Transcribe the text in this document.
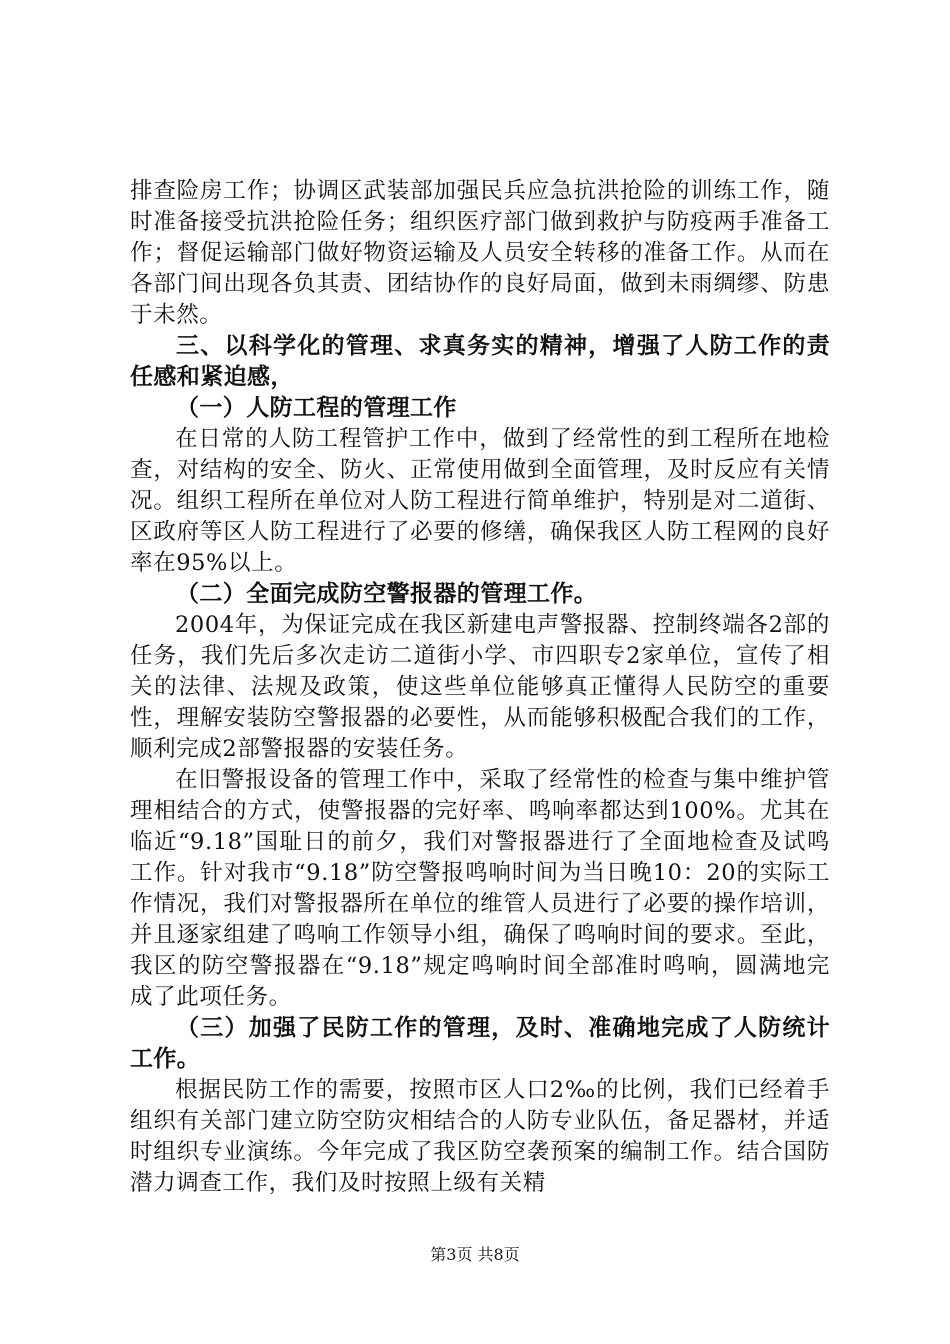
排查险房工作；协调区武装部加强民兵应急抗洪抢险的训练工作，随时准备接受抗洪抢险任务；组织医疗部门做到救护与防疫两手准备工作；督促运输部门做好物资运输及人员安全转移的准备工作。从而在各部门间出现各负其责、团结协作的良好局面，做到未雨绸缪、防患于未然。

三、以科学化的管理、求真务实的精神，增强了人防工作的责任感和紧迫感，

（一）人防工程的管理工作

在日常的人防工程管护工作中，做到了经常性的到工程所在地检查，对结构的安全、防火、正常使用做到全面管理，及时反应有关情况。组织工程所在单位对人防工程进行简单维护，特别是对二道街、区政府等区人防工程进行了必要的修缮，确保我区人防工程网的良好率在95%以上。

（二）全面完成防空警报器的管理工作。

2004年，为保证完成在我区新建电声警报器、控制终端各2部的任务，我们先后多次走访二道街小学、市四职专2家单位，宣传了相关的法律、法规及政策，使这些单位能够真正懂得人民防空的重要性，理解安装防空警报器的必要性，从而能够积极配合我们的工作，顺利完成2部警报器的安装任务。

在旧警报设备的管理工作中，采取了经常性的检查与集中维护管理相结合的方式，使警报器的完好率、鸣响率都达到100%。尤其在临近“9.18”国耻日的前夕，我们对警报器进行了全面地检查及试鸣工作。针对我市“9.18”防空警报鸣响时间为当日晚10：20的实际工作情况，我们对警报器所在单位的维管人员进行了必要的操作培训，并且逐家组建了鸣响工作领导小组，确保了鸣响时间的要求。至此，我区的防空警报器在“9.18”规定鸣响时间全部准时鸣响，圆满地完成了此项任务。

（三）加强了民防工作的管理，及时、准确地完成了人防统计工作。

根据民防工作的需要，按照市区人口2‰的比例，我们已经着手组织有关部门建立防空防灾相结合的人防专业队伍，备足器材，并适时组织专业演练。今年完成了我区防空袭预案的编制工作。结合国防潜力调查工作，我们及时按照上级有关精

第3页 共8页
